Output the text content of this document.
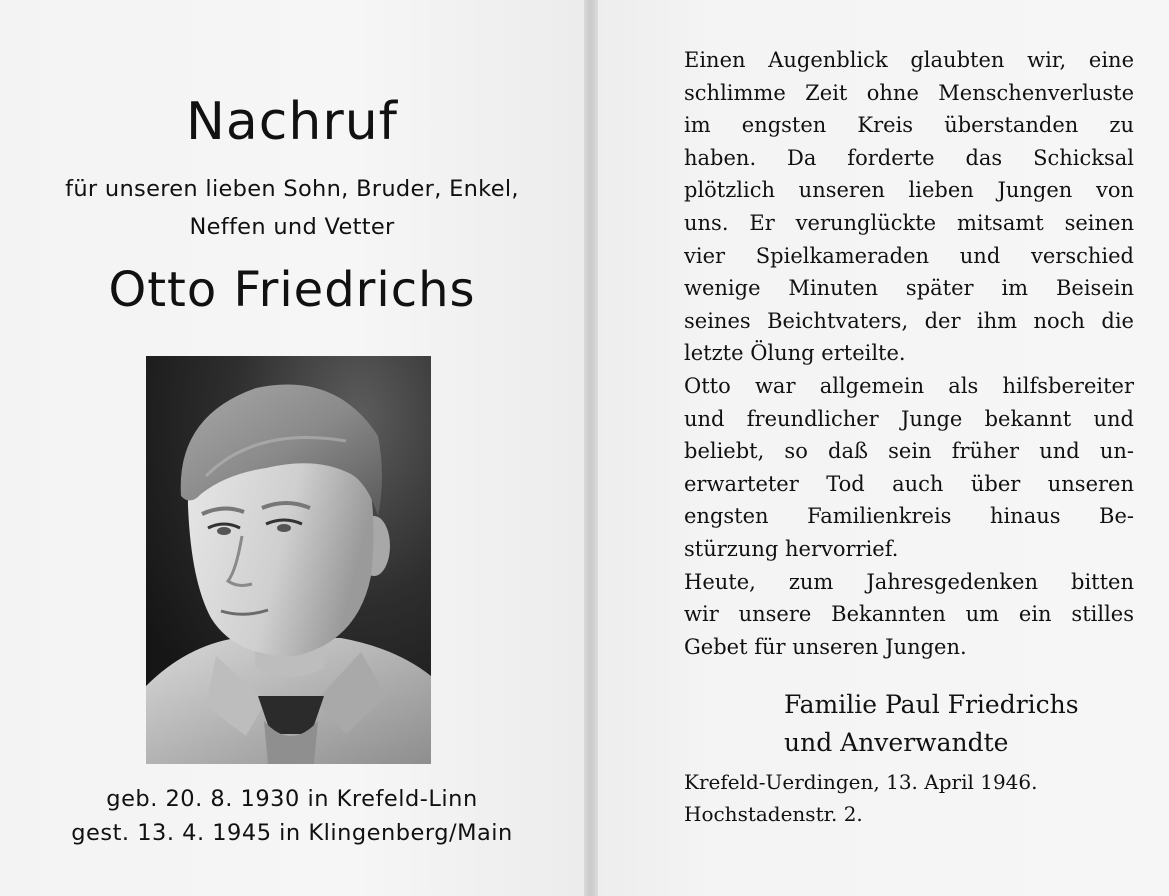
Nachruf
für unseren lieben Sohn, Bruder, Enkel,
Neffen und Vetter
Otto Friedrichs
geb. 20. 8. 1930 in Krefeld-Linn
gest. 13. 4. 1945 in Klingenberg/Main

Einen Augenblick glaubten wir, eine
schlimme Zeit ohne Menschenverluste
im engsten Kreis überstanden zu
haben. Da forderte das Schicksal
plötzlich unseren lieben Jungen von
uns. Er verunglückte mitsamt seinen
vier Spielkameraden und verschied
wenige Minuten später im Beisein
seines Beichtvaters, der ihm noch die
letzte Ölung erteilte.

Otto war allgemein als hilfsbereiter
und freundlicher Junge bekannt und
beliebt, so daß sein früher und un-
erwarteter Tod auch über unseren
engsten Familienkreis hinaus Be-
stürzung hervorrief.

Heute, zum Jahresgedenken bitten
wir unsere Bekannten um ein stilles
Gebet für unseren Jungen.

Familie Paul Friedrichs
und Anverwandte
Krefeld-Uerdingen, 13. April 1946.
Hochstadenstr. 2.
